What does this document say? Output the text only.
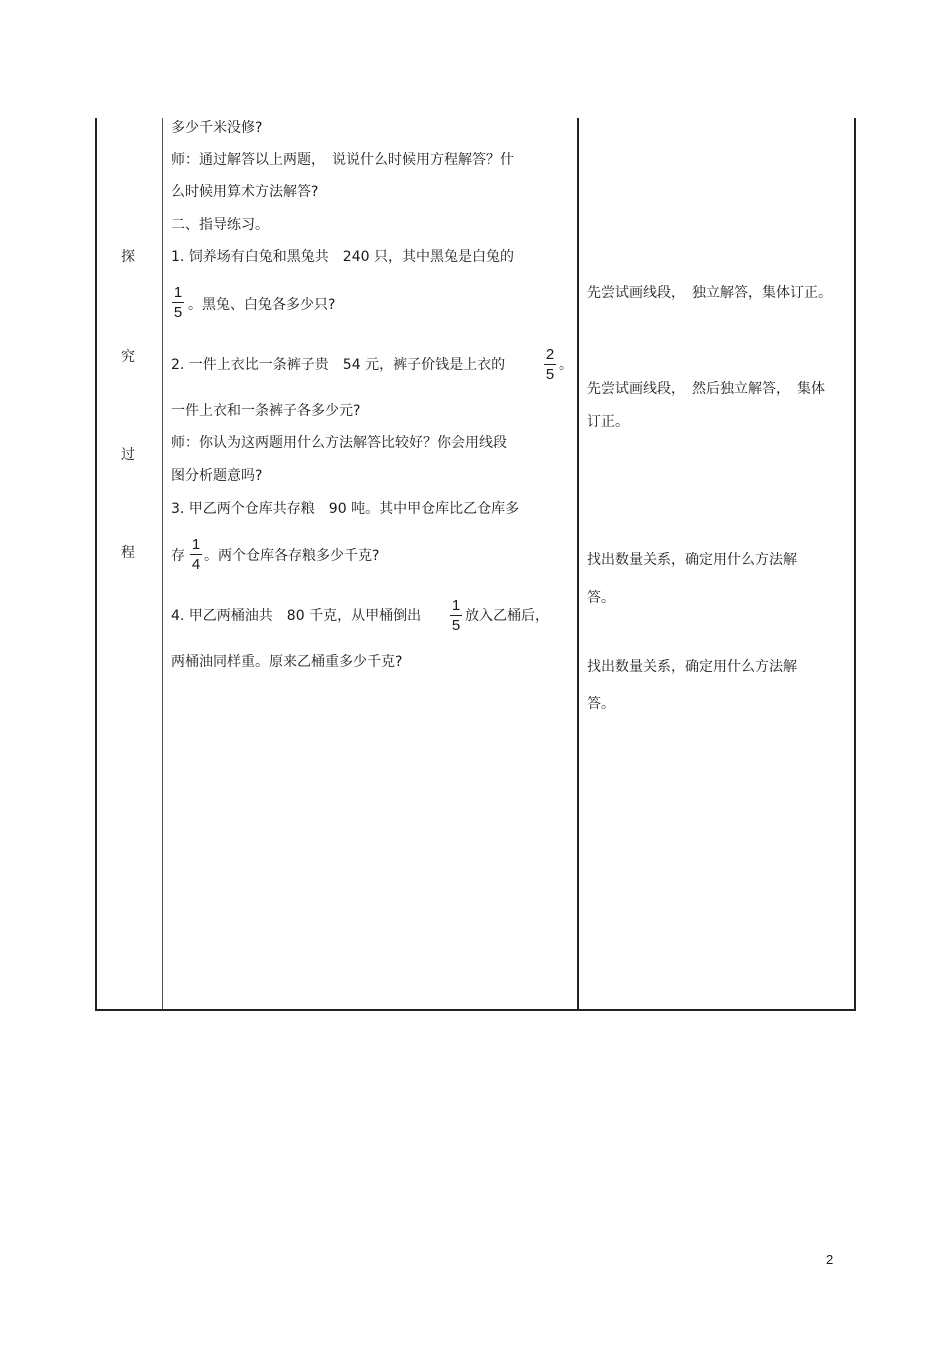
探
究
过
程
多少千米没修?
师：通过解答以上两题，　说说什么时候用方程解答？什
么时候用算术方法解答?
二、指导练习。
1. 饲养场有白兔和黑兔共　240 只，其中黑兔是白兔的
1
5 。黑兔、白兔各多少只?
2. 一件上衣比一条裤子贵　54 元，裤子价钱是上衣的
2
5
。
一件上衣和一条裤子各多少元?
师：你认为这两题用什么方法解答比较好？你会用线段
图分析题意吗?
3. 甲乙两个仓库共存粮　90 吨。其中甲仓库比乙仓库多
存
1
4 。两个仓库各存粮多少千克?
4. 甲乙两桶油共　80 千克，从甲桶倒出
1
5
放入乙桶后，
两桶油同样重。原来乙桶重多少千克?
先尝试画线段，　独立解答，集体订正。
先尝试画线段，　然后独立解答，　集体
订正。
找出数量关系，确定用什么方法解
答。
找出数量关系，确定用什么方法解
答。
2
